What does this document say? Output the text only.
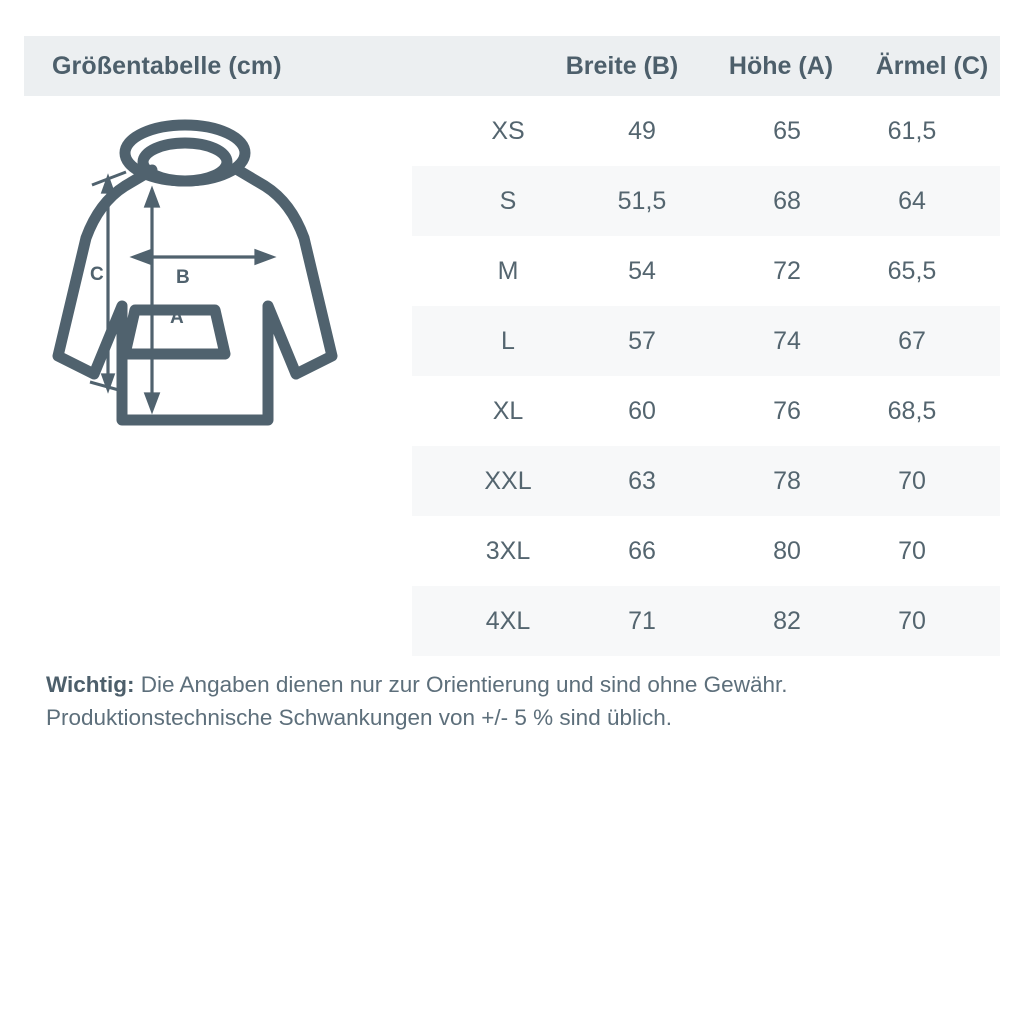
Größentabelle (cm)	Breite (B)	Höhe (A)	Ärmel (C)
XS	49	65	61,5
S	51,5	68	64
M	54	72	65,5
L	57	74	67
XL	60	76	68,5
XXL	63	78	70
3XL	66	80	70
4XL	71	82	70
Wichtig: Die Angaben dienen nur zur Orientierung und sind ohne Gewähr. Produktionstechnische Schwankungen von +/- 5 % sind üblich.
C	B
A
